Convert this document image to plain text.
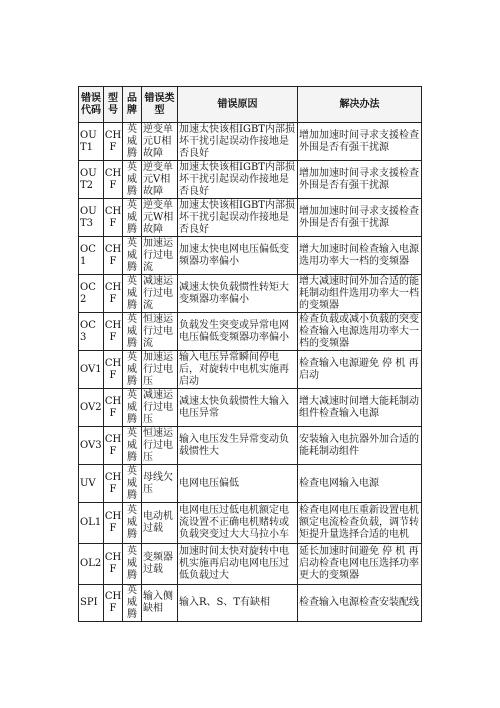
错误代码	型号	品牌	错误类型	错误原因	解决办法
OUT1	CHF	英威腾	逆变单元U相故障	加速太快该相IGBT内部损坏干扰引起误动作接地是否良好	增加加速时间寻求支援检查外围是否有强干扰源
OUT2	CHF	英威腾	逆变单元V相故障	加速太快该相IGBT内部损坏干扰引起误动作接地是否良好	增加加速时间寻求支援检查外围是否有强干扰源
OUT3	CHF	英威腾	逆变单元W相故障	加速太快该相IGBT内部损坏干扰引起误动作接地是否良好	增加加速时间寻求支援检查外围是否有强干扰源
OC1	CHF	英威腾	加速运行过电流	加速太快电网电压偏低变频器功率偏小	增大加速时间检查输入电源选用功率大一档的变频器
OC2	CHF	英威腾	减速运行过电流	减速太快负载惯性转矩大变频器功率偏小	增大减速时间外加合适的能耗制动组件选用功率大一档的变频器
OC3	CHF	英威腾	恒速运行过电流	负载发生突变或异常电网电压偏低变频器功率偏小	检查负载或减小负载的突变检查输入电源选用功率大一档的变频器
OV1	CHF	英威腾	加速运行过电压	输入电压异常瞬间停电后，对旋转中电机实施再启动	检查输入电源避免 停 机 再启动
OV2	CHF	英威腾	减速运行过电压	减速太快负载惯性大输入电压异常	增大减速时间增大能耗制动组件检查输入电源
OV3	CHF	英威腾	恒速运行过电压	输入电压发生异常变动负载惯性大	安装输入电抗器外加合适的能耗制动组件
UV	CHF	英威腾	母线欠压	电网电压偏低	检查电网输入电源
OL1	CHF	英威腾	电动机过载	电网电压过低电机额定电流设置不正确电机赌转或负载突变过大大马拉小车	检查电网电压重新设置电机额定电流检查负载，调节转矩提升量选择合适的电机
OL2	CHF	英威腾	变频器过载	加速时间太快对旋转中电机实施再启动电网电压过低负载过大	延长加速时间避免 停 机 再启动检查电网电压选择功率更大的变频器
SPI	CHF	英威腾	输入侧缺相	输入R、S、T有缺相	检查输入电源检查安装配线
